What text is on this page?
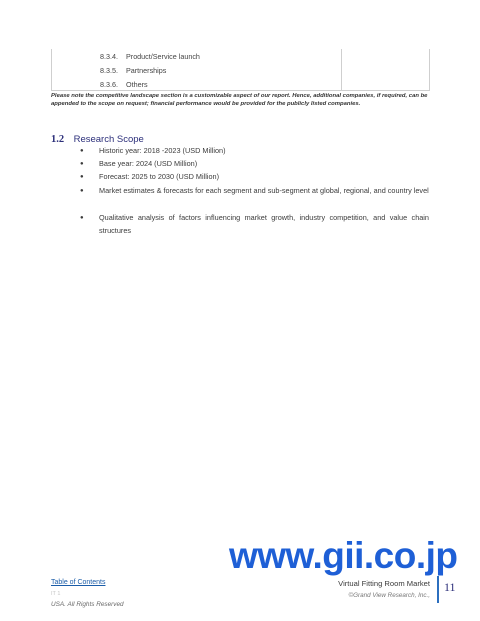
8.3.4. Product/Service launch
8.3.5. Partnerships
8.3.6. Others
Please note the competitive landscape section is a customizable aspect of our report. Hence, additional companies, if required, can be appended to the scope on request; financial performance would be provided for the publicly listed companies.
1.2 Research Scope
●	Historic year: 2018 -2023 (USD Million)
●	Base year: 2024 (USD Million)
●	Forecast: 2025 to 2030 (USD Million)
●	Market estimates & forecasts for each segment and sub-segment at global, regional, and country level
●	Qualitative analysis of factors influencing market growth, industry competition, and value chain structures
www.gii.co.jp
Table of Contents
IT 1
USA. All Rights Reserved
Virtual Fitting Room Market
©Grand View Research, Inc.,
11
